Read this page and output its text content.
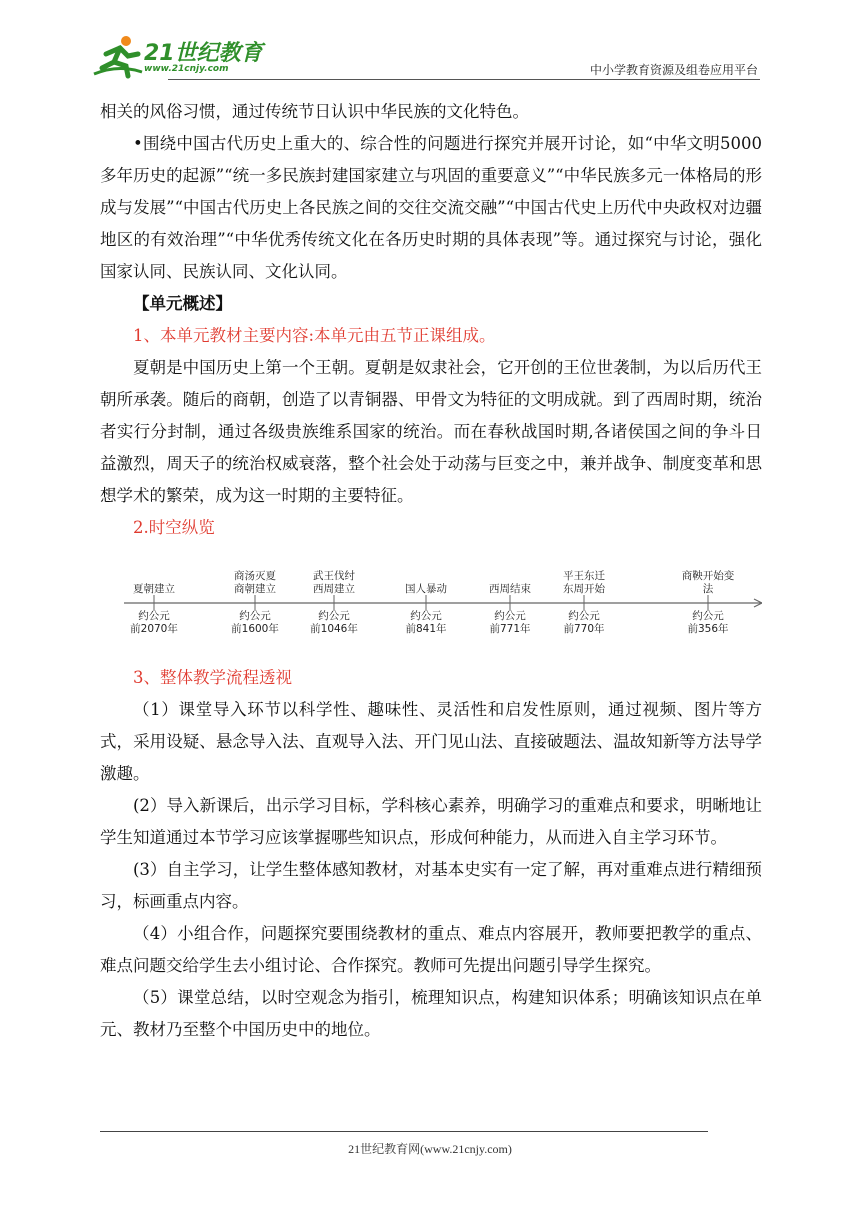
21世纪教育
www.21cnjy.com	中小学教育资源及组卷应用平台

相关的风俗习惯，通过传统节日认识中华民族的文化特色。

•围绕中国古代历史上重大的、综合性的问题进行探究并展开讨论，如“中华文明5000多年历史的起源”“统一多民族封建国家建立与巩固的重要意义”“中华民族多元一体格局的形成与发展”“中国古代历史上各民族之间的交往交流交融”“中国古代史上历代中央政权对边疆地区的有效治理”“中华优秀传统文化在各历史时期的具体表现”等。通过探究与讨论，强化国家认同、民族认同、文化认同。

【单元概述】

1、本单元教材主要内容:本单元由五节正课组成。

夏朝是中国历史上第一个王朝。夏朝是奴隶社会，它开创的王位世袭制，为以后历代王朝所承袭。随后的商朝，创造了以青铜器、甲骨文为特征的文明成就。到了西周时期，统治者实行分封制，通过各级贵族维系国家的统治。而在春秋战国时期,各诸侯国之间的争斗日益激烈，周天子的统治权威衰落，整个社会处于动荡与巨变之中，兼并战争、制度变革和思想学术的繁荣，成为这一时期的主要特征。

2.时空纵览

夏朝建立
约公元
前2070年
商汤灭夏
商朝建立
约公元
前1600年
武王伐纣
西周建立
约公元
前1046年
国人暴动
约公元
前841年
西周结束
约公元
前771年
平王东迁
东周开始
约公元
前770年
商鞅开始变法
约公元
前356年

3、整体教学流程透视

（1）课堂导入环节以科学性、趣味性、灵活性和启发性原则，通过视频、图片等方式，采用设疑、悬念导入法、直观导入法、开门见山法、直接破题法、温故知新等方法导学激趣。

(2）导入新课后，出示学习目标，学科核心素养，明确学习的重难点和要求，明晰地让学生知道通过本节学习应该掌握哪些知识点，形成何种能力，从而进入自主学习环节。

(3）自主学习，让学生整体感知教材，对基本史实有一定了解，再对重难点进行精细预习，标画重点内容。

（4）小组合作，问题探究要围绕教材的重点、难点内容展开，教师要把教学的重点、难点问题交给学生去小组讨论、合作探究。教师可先提出问题引导学生探究。

（5）课堂总结，以时空观念为指引，梳理知识点，构建知识体系；明确该知识点在单元、教材乃至整个中国历史中的地位。

21世纪教育网(www.21cnjy.com)
